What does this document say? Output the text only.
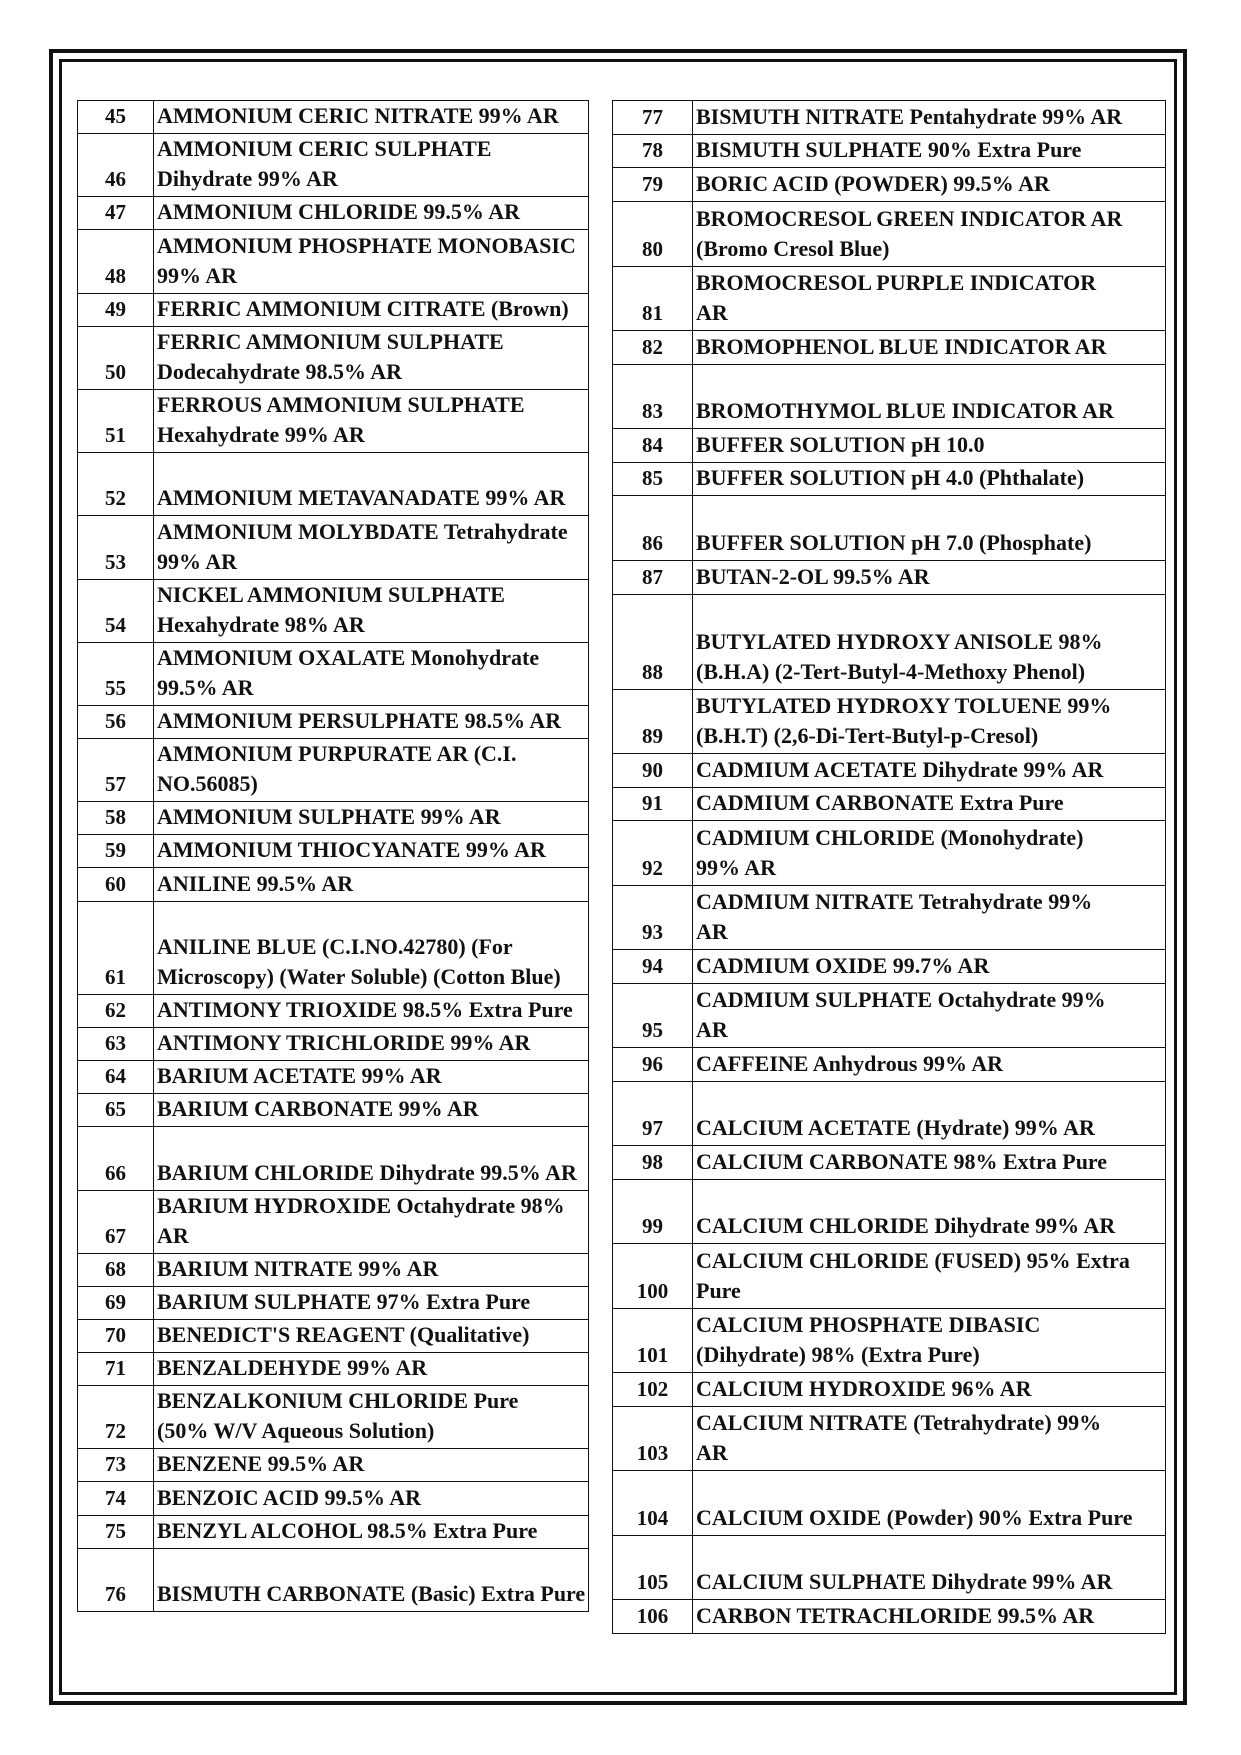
45	AMMONIUM CERIC NITRATE 99% AR

46	AMMONIUM CERIC SULPHATE
Dihydrate 99% AR

47	AMMONIUM CHLORIDE 99.5% AR

48	AMMONIUM PHOSPHATE MONOBASIC
99% AR

49	FERRIC AMMONIUM CITRATE (Brown)

50	FERRIC AMMONIUM SULPHATE
Dodecahydrate 98.5% AR

51	FERROUS AMMONIUM SULPHATE
Hexahydrate 99% AR

52	AMMONIUM METAVANADATE 99% AR

53	AMMONIUM MOLYBDATE Tetrahydrate
99% AR

54	NICKEL AMMONIUM SULPHATE
Hexahydrate 98% AR

55	AMMONIUM OXALATE Monohydrate
99.5% AR

56	AMMONIUM PERSULPHATE 98.5% AR

57	AMMONIUM PURPURATE AR (C.I.
NO.56085)

58	AMMONIUM SULPHATE 99% AR

59	AMMONIUM THIOCYANATE 99% AR

60	ANILINE 99.5% AR

61	ANILINE BLUE (C.I.NO.42780) (For
Microscopy) (Water Soluble) (Cotton Blue)

62	ANTIMONY TRIOXIDE 98.5% Extra Pure

63	ANTIMONY TRICHLORIDE 99% AR

64	BARIUM ACETATE 99% AR

65	BARIUM CARBONATE 99% AR

66	BARIUM CHLORIDE Dihydrate 99.5% AR

67	BARIUM HYDROXIDE Octahydrate 98%
AR

68	BARIUM NITRATE 99% AR

69	BARIUM SULPHATE 97% Extra Pure

70	BENEDICT'S REAGENT (Qualitative)

71	BENZALDEHYDE 99% AR

72	BENZALKONIUM CHLORIDE Pure
(50% W/V Aqueous Solution)

73	BENZENE 99.5% AR

74	BENZOIC ACID 99.5% AR

75	BENZYL ALCOHOL 98.5% Extra Pure

76	BISMUTH CARBONATE (Basic) Extra Pure
77	BISMUTH NITRATE Pentahydrate 99% AR

78	BISMUTH SULPHATE 90% Extra Pure

79	BORIC ACID (POWDER) 99.5% AR

80	BROMOCRESOL GREEN INDICATOR AR
(Bromo Cresol Blue)

81	BROMOCRESOL PURPLE INDICATOR
AR

82	BROMOPHENOL BLUE INDICATOR AR

83	BROMOTHYMOL BLUE INDICATOR AR

84	BUFFER SOLUTION pH 10.0

85	BUFFER SOLUTION pH 4.0 (Phthalate)

86	BUFFER SOLUTION pH 7.0 (Phosphate)

87	BUTAN-2-OL 99.5% AR

88	BUTYLATED HYDROXY ANISOLE 98%
(B.H.A) (2-Tert-Butyl-4-Methoxy Phenol)

89	BUTYLATED HYDROXY TOLUENE 99%
(B.H.T) (2,6-Di-Tert-Butyl-p-Cresol)

90	CADMIUM ACETATE Dihydrate 99% AR

91	CADMIUM CARBONATE Extra Pure

92	CADMIUM CHLORIDE (Monohydrate)
99% AR

93	CADMIUM NITRATE Tetrahydrate 99%
AR

94	CADMIUM OXIDE 99.7% AR

95	CADMIUM SULPHATE Octahydrate 99%
AR

96	CAFFEINE Anhydrous 99% AR

97	CALCIUM ACETATE (Hydrate) 99% AR

98	CALCIUM CARBONATE 98% Extra Pure

99	CALCIUM CHLORIDE Dihydrate 99% AR

100	CALCIUM CHLORIDE (FUSED) 95% Extra
Pure

101	CALCIUM PHOSPHATE DIBASIC
(Dihydrate) 98% (Extra Pure)

102	CALCIUM HYDROXIDE 96% AR

103	CALCIUM NITRATE (Tetrahydrate) 99%
AR

104	CALCIUM OXIDE (Powder) 90% Extra Pure

105	CALCIUM SULPHATE Dihydrate 99% AR

106	CARBON TETRACHLORIDE 99.5% AR
